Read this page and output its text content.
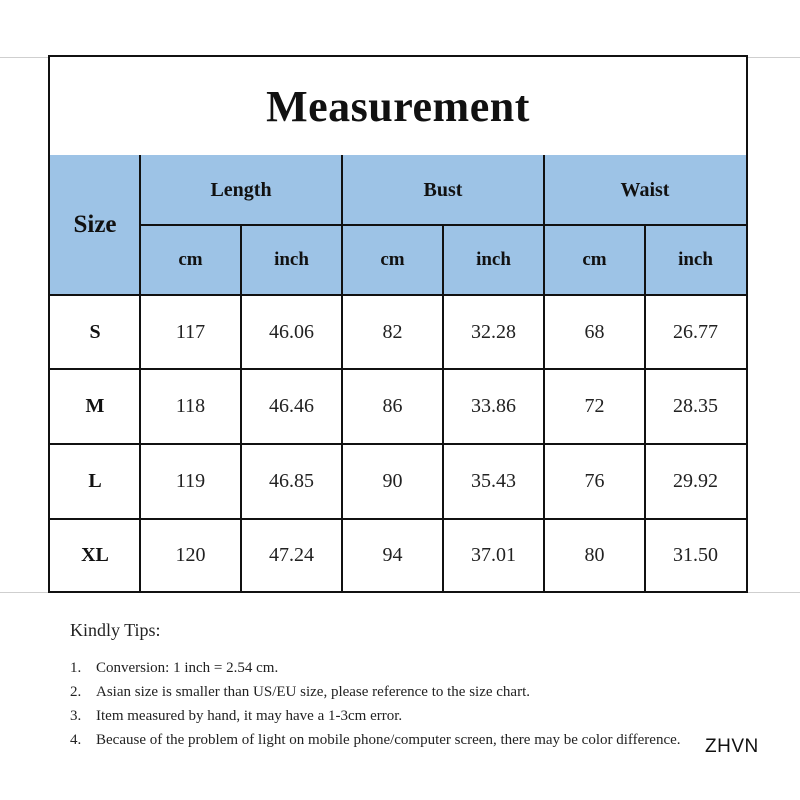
Measurement
Size
Length	Bust	Waist
cm	inch	cm	inch	cm	inch
S	117	46.06	82	32.28	68	26.77
M	118	46.46	86	33.86	72	28.35
L	119	46.85	90	35.43	76	29.92
XL	120	47.24	94	37.01	80	31.50

Kindly Tips:

1. Conversion: 1 inch = 2.54 cm.
2. Asian size is smaller than US/EU size, please reference to the size chart.
3. Item measured by hand, it may have a 1-3cm error.
4. Because of the problem of light on mobile phone/computer screen, there may be color difference.	ZHVN
